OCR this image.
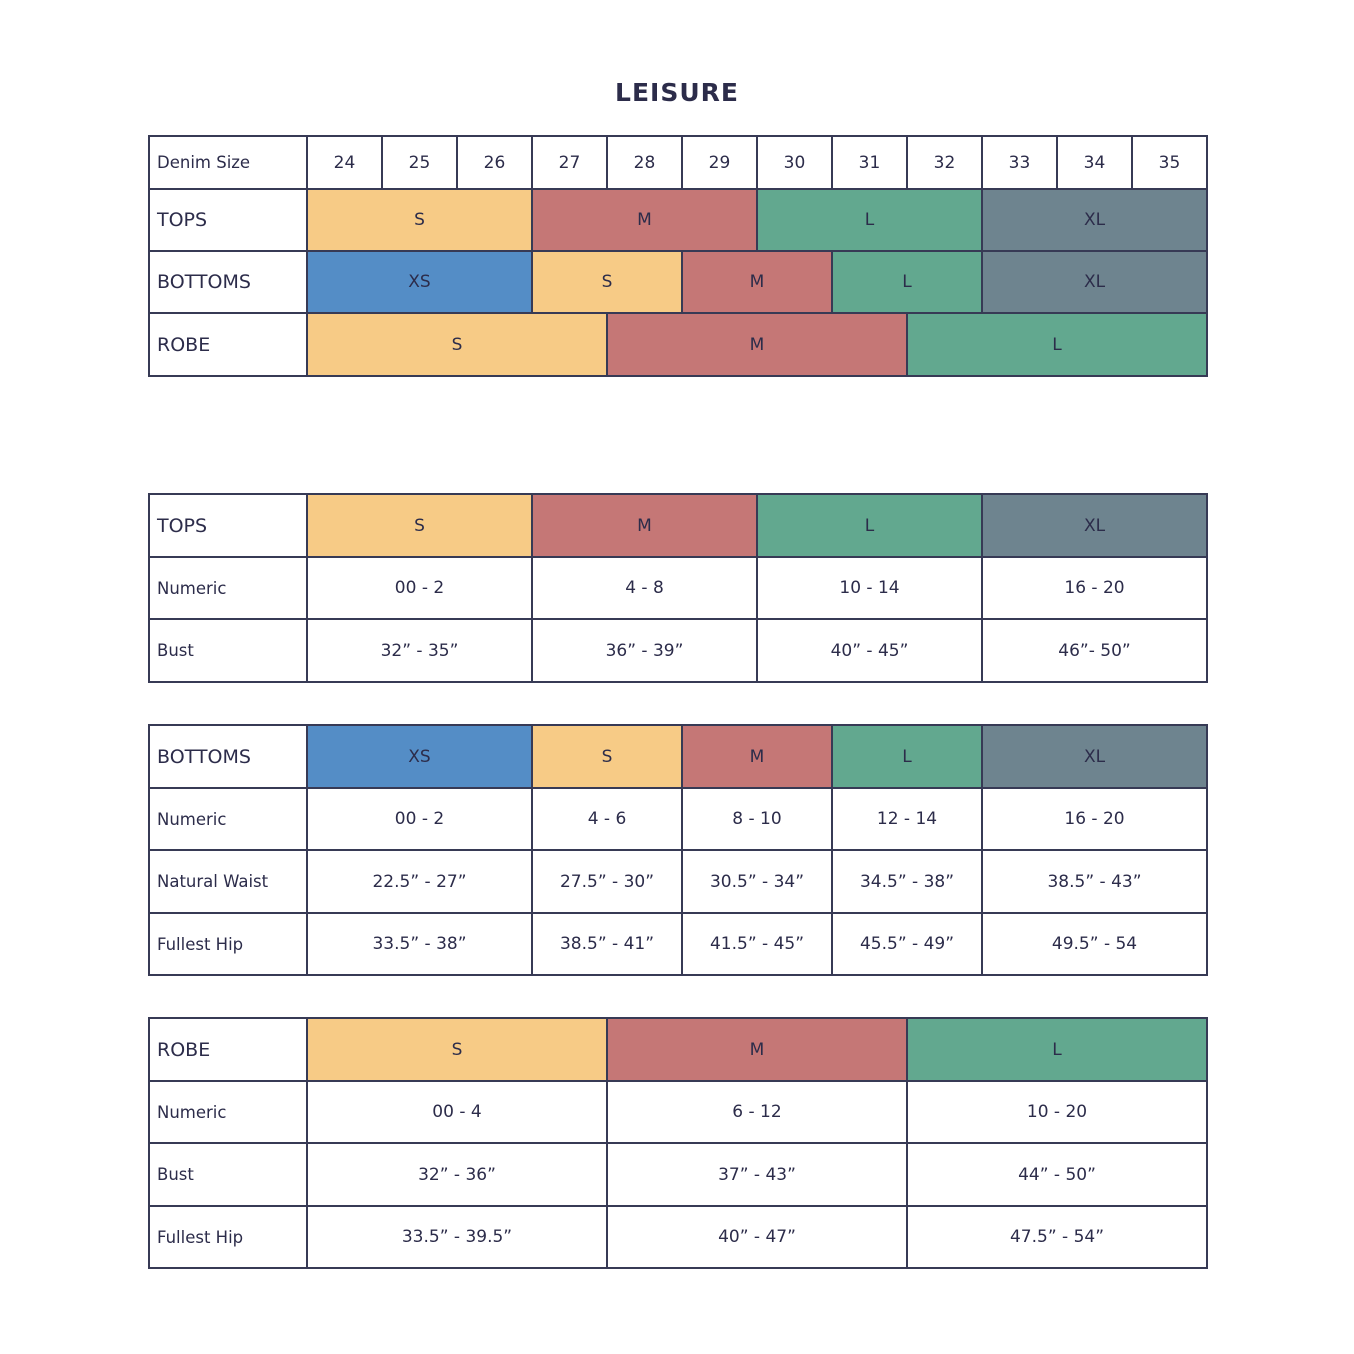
LEISURE
Denim Size	24	25	26	27	28	29	30	31	32	33	34	35
TOPS	S			M			L			XL		
BOTTOMS	XS			S		M		L		XL		
ROBE	S				M				L			
TOPS	S	M	L	XL
Numeric	00 - 2	4 - 8	10 - 14	16 - 20
Bust	32” - 35”	36” - 39”	40” - 45”	46”- 50”
BOTTOMS	XS	S	M	L	XL
Numeric	00 - 2	4 - 6	8 - 10	12 - 14	16 - 20
Natural Waist	22.5” - 27”	27.5” - 30”	30.5” - 34”	34.5” - 38”	38.5” - 43”
Fullest Hip	33.5” - 38”	38.5” - 41”	41.5” - 45”	45.5” - 49”	49.5” - 54
ROBE	S	M	L
Numeric	00 - 4	6 - 12	10 - 20
Bust	32” - 36”	37” - 43”	44” - 50”
Fullest Hip	33.5” - 39.5”	40” - 47”	47.5” - 54”
